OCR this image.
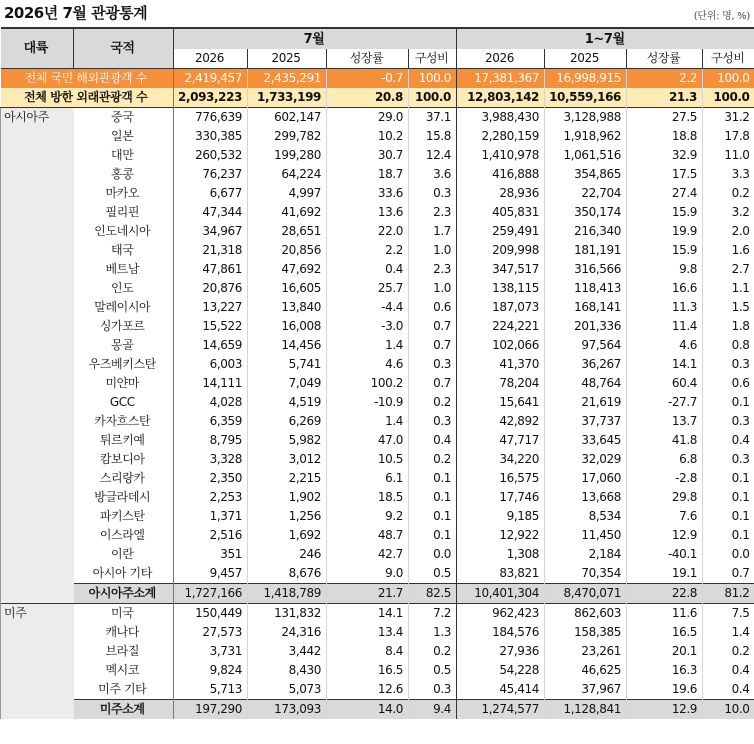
2026년 7월 관광통계	(단위: 명, %)
대륙	국적	7월				1~7월			
		2026	2025	성장률	구성비	2026	2025	성장률	구성비
전체 국민 해외관광객 수		2,419,457	2,435,291	-0.7	100.0	17,381,367	16,998,915	2.2	100.0
전체 방한 외래관광객 수		2,093,223	1,733,199	20.8	100.0	12,803,142	10,559,166	21.3	100.0
아시아주	중국	776,639	602,147	29.0	37.1	3,988,430	3,128,988	27.5	31.2
	일본	330,385	299,782	10.2	15.8	2,280,159	1,918,962	18.8	17.8
	대만	260,532	199,280	30.7	12.4	1,410,978	1,061,516	32.9	11.0
	홍콩	76,237	64,224	18.7	3.6	416,888	354,865	17.5	3.3
	마카오	6,677	4,997	33.6	0.3	28,936	22,704	27.4	0.2
	필리핀	47,344	41,692	13.6	2.3	405,831	350,174	15.9	3.2
	인도네시아	34,967	28,651	22.0	1.7	259,491	216,340	19.9	2.0
	태국	21,318	20,856	2.2	1.0	209,998	181,191	15.9	1.6
	베트남	47,861	47,692	0.4	2.3	347,517	316,566	9.8	2.7
	인도	20,876	16,605	25.7	1.0	138,115	118,413	16.6	1.1
	말레이시아	13,227	13,840	-4.4	0.6	187,073	168,141	11.3	1.5
	싱가포르	15,522	16,008	-3.0	0.7	224,221	201,336	11.4	1.8
	몽골	14,659	14,456	1.4	0.7	102,066	97,564	4.6	0.8
	우즈베키스탄	6,003	5,741	4.6	0.3	41,370	36,267	14.1	0.3
	미얀마	14,111	7,049	100.2	0.7	78,204	48,764	60.4	0.6
	GCC	4,028	4,519	-10.9	0.2	15,641	21,619	-27.7	0.1
	카자흐스탄	6,359	6,269	1.4	0.3	42,892	37,737	13.7	0.3
	튀르키예	8,795	5,982	47.0	0.4	47,717	33,645	41.8	0.4
	캄보디아	3,328	3,012	10.5	0.2	34,220	32,029	6.8	0.3
	스리랑카	2,350	2,215	6.1	0.1	16,575	17,060	-2.8	0.1
	방글라데시	2,253	1,902	18.5	0.1	17,746	13,668	29.8	0.1
	파키스탄	1,371	1,256	9.2	0.1	9,185	8,534	7.6	0.1
	이스라엘	2,516	1,692	48.7	0.1	12,922	11,450	12.9	0.1
	이란	351	246	42.7	0.0	1,308	2,184	-40.1	0.0
	아시아 기타	9,457	8,676	9.0	0.5	83,821	70,354	19.1	0.7
	아시아주소계	1,727,166	1,418,789	21.7	82.5	10,401,304	8,470,071	22.8	81.2
미주	미국	150,449	131,832	14.1	7.2	962,423	862,603	11.6	7.5
	캐나다	27,573	24,316	13.4	1.3	184,576	158,385	16.5	1.4
	브라질	3,731	3,442	8.4	0.2	27,936	23,261	20.1	0.2
	멕시코	9,824	8,430	16.5	0.5	54,228	46,625	16.3	0.4
	미주 기타	5,713	5,073	12.6	0.3	45,414	37,967	19.6	0.4
	미주소계	197,290	173,093	14.0	9.4	1,274,577	1,128,841	12.9	10.0
